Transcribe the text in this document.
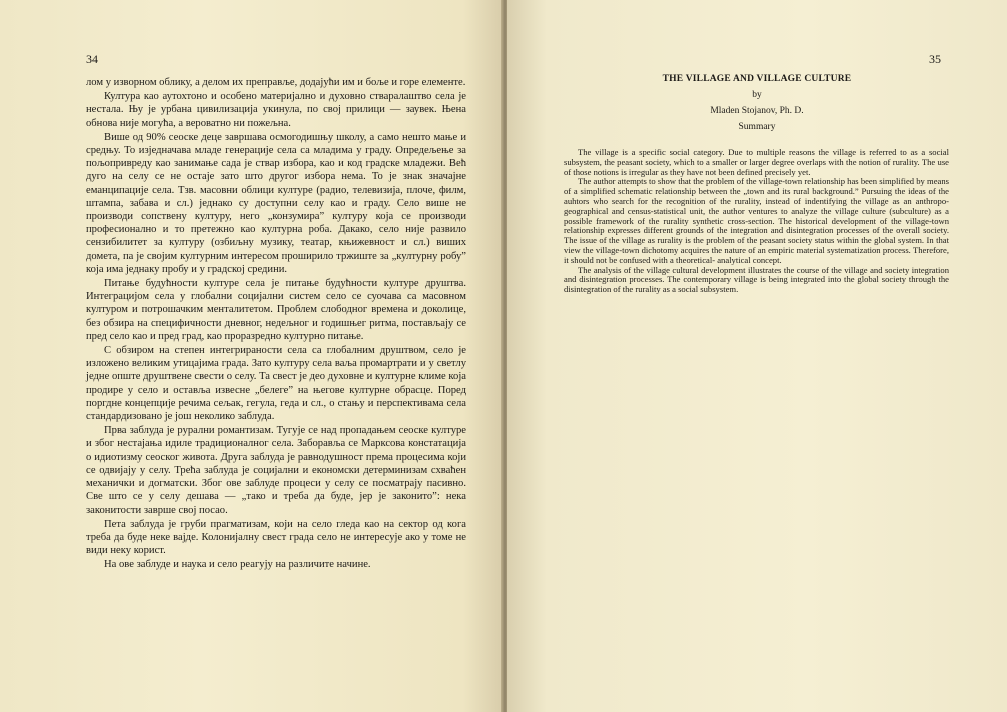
34

лом у изворном облику, а делом их преправље, додајући им и боље и горе елементе.

Култура као аутохтоно и особено материјално и духовно стваралаштво села је нестала. Њу је урбана цивилизација укинула, по свој прилици — заувек. Њена обнова није могућа, а вероватно ни пожељна.

Више од 90% сеоске деце завршава осмогодишњу школу, а само нешто мање и средњу. То изједначава младе генерације села са младима у граду. Опредељење за пољопривреду као занимање сада је ствар избора, као и код градске младежи. Већ дуго на селу се не остаје зато што другог избора нема. То је знак значајне еманципације села. Тзв. масовни облици културе (радио, телевизија, плоче, филм, штампа, забава и сл.) једнако су доступни селу као и граду. Село више не производи сопствену културу, него „конзумира” културу која се производи професионално и то претежно као културна роба. Дакако, село није развило сензибилитет за културу (озбиљну музику, театар, књижевност и сл.) виших домета, па је својим културним интересом проширило тржиште за „културну робу” која има једнаку пробу и у градској средини.

Питање будућности културе села је питање будућности културе друштва. Интеграцијом села у глобални социјални систем село се суочава са масовном културом и потрошачким менталитетом. Проблем слободног времена и доколице, без обзира на специфичности дневног, недељног и годишњег ритма, постављају се пред село као и пред град, као проразредно културно питање.

С обзиром на степен интегрираности села са глобалним друштвом, село је изложено великим утицајима града. Зато културу села ваља промартрати и у светлу једне опште друштвене свести о селу. Та свест је део духовне и културне климе која продире у село и оставља извесне „белеге” на његове културне обрасце. Поред поргдне концепције речима сељак, гегула, геда и сл., о стању и перспективама села стандардизовано је још неколико заблуда.

Прва заблуда је рурални романтизам. Тугује се над пропадањем сеоске културе и због нестајања идиле традиционалног села. Заборавља се Марксова констатација о идиотизму сеоског живота. Друга заблуда је равнодушност према процесима који се одвијају у селу. Трећа заблуда је социјални и економски детерминизам схваћен механички и догматски. Због ове заблуде процеси у селу се посматрају пасивно. Све што се у селу дешава — „тако и треба да буде, јер је законито”: нека законитости заврше свој посао.

Пета заблуда је груби прагматизам, који на село гледа као на сектор од кога треба да буде неке вајде. Колонијалну свест града село не интересује ако у томе не види неку корист.

На ове заблуде и наука и село реагују на различите начине.

35

THE VILLAGE AND VILLAGE CULTURE

by

Mladen Stojanov, Ph. D.

Summary

The village is a specific social category. Due to multiple reasons the village is referred to as a social subsystem, the peasant society, which to a smaller or larger degree overlaps with the notion of rurality. The use of those notions is irregular as they have not been defined precisely yet.

The author attempts to show that the problem of the village-town relationship has been simplified by means of a simplified schematic relationship between the „town and its rural background.” Pursuing the ideas of the auhtors who search for the recognition of the rurality, instead of indentifying the village as an anthropo-geographical and census-statistical unit, the author ventures to analyze the village culture (subculture) as a possible framework of the rurality synthetic cross-section. The historical development of the village-town relationship expresses different grounds of the integration and disintegration processes of the overall society. The issue of the village as rurality is the problem of the peasant society status within the global system. In that view the village-town dichotomy acquires the nature of an empiric material systematization process. Therefore, it should not be confused with a theoretical- analytical concept.

The analysis of the village cultural development illustrates the course of the village and society integration and disintegration processes. The contemporary village is being integrated into the global society through the disintegration of the rurality as a social subsystem.
